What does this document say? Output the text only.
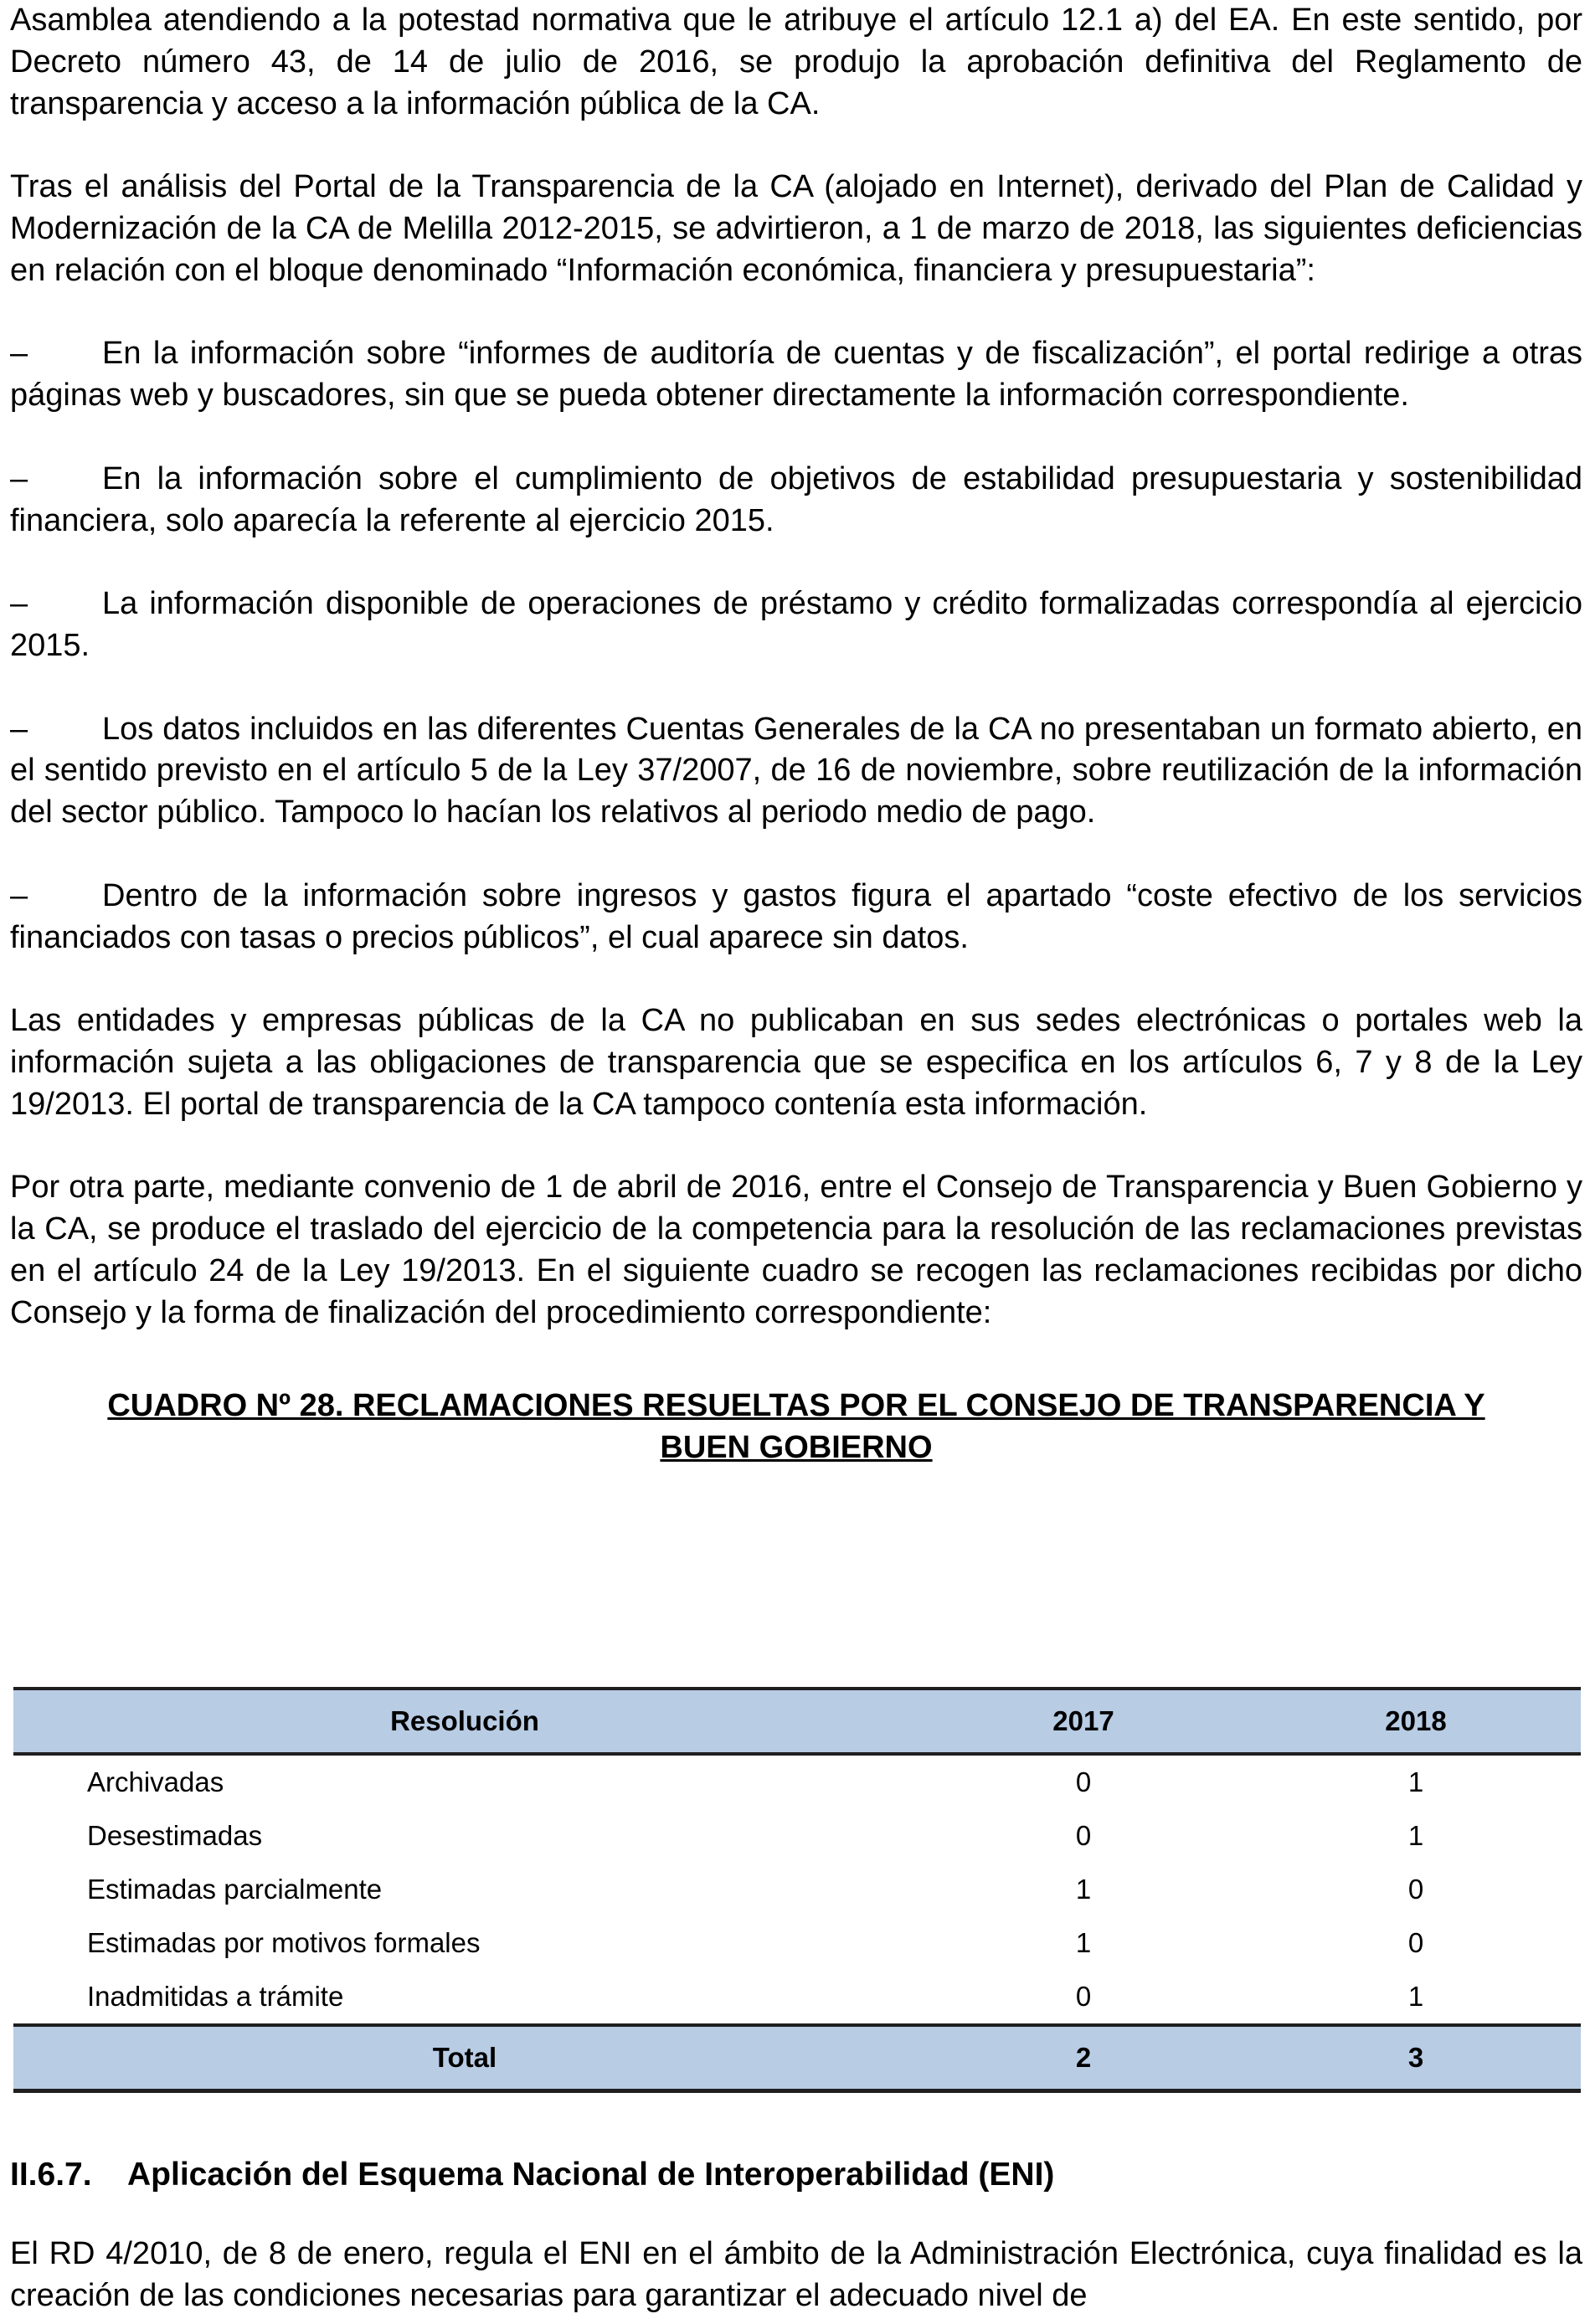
Asamblea atendiendo a la potestad normativa que le atribuye el artículo 12.1 a) del EA. En este sentido, por Decreto número 43, de 14 de julio de 2016, se produjo la aprobación definitiva del Reglamento de transparencia y acceso a la información pública de la CA.

Tras el análisis del Portal de la Transparencia de la CA (alojado en Internet), derivado del Plan de Calidad y Modernización de la CA de Melilla 2012-2015, se advirtieron, a 1 de marzo de 2018, las siguientes deficiencias en relación con el bloque denominado “Información económica, financiera y presupuestaria”:

– En la información sobre “informes de auditoría de cuentas y de fiscalización”, el portal redirige a otras páginas web y buscadores, sin que se pueda obtener directamente la información correspondiente.
– En la información sobre el cumplimiento de objetivos de estabilidad presupuestaria y sostenibilidad financiera, solo aparecía la referente al ejercicio 2015.
– La información disponible de operaciones de préstamo y crédito formalizadas correspondía al ejercicio 2015.
– Los datos incluidos en las diferentes Cuentas Generales de la CA no presentaban un formato abierto, en el sentido previsto en el artículo 5 de la Ley 37/2007, de 16 de noviembre, sobre reutilización de la información del sector público. Tampoco lo hacían los relativos al periodo medio de pago.
– Dentro de la información sobre ingresos y gastos figura el apartado “coste efectivo de los servicios financiados con tasas o precios públicos”, el cual aparece sin datos.

Las entidades y empresas públicas de la CA no publicaban en sus sedes electrónicas o portales web la información sujeta a las obligaciones de transparencia que se especifica en los artículos 6, 7 y 8 de la Ley 19/2013. El portal de transparencia de la CA tampoco contenía esta información.

Por otra parte, mediante convenio de 1 de abril de 2016, entre el Consejo de Transparencia y Buen Gobierno y la CA, se produce el traslado del ejercicio de la competencia para la resolución de las reclamaciones previstas en el artículo 24 de la Ley 19/2013. En el siguiente cuadro se recogen las reclamaciones recibidas por dicho Consejo y la forma de finalización del procedimiento correspondiente:

CUADRO Nº 28. RECLAMACIONES RESUELTAS POR EL CONSEJO DE TRANSPARENCIA Y
BUEN GOBIERNO
Resolución	2017	2018
Archivadas	0	1
Desestimadas	0	1
Estimadas parcialmente	1	0
Estimadas por motivos formales	1	0
Inadmitidas a trámite	0	1
Total	2	3
II.6.7. Aplicación del Esquema Nacional de Interoperabilidad (ENI)

El RD 4/2010, de 8 de enero, regula el ENI en el ámbito de la Administración Electrónica, cuya finalidad es la creación de las condiciones necesarias para garantizar el adecuado nivel de
